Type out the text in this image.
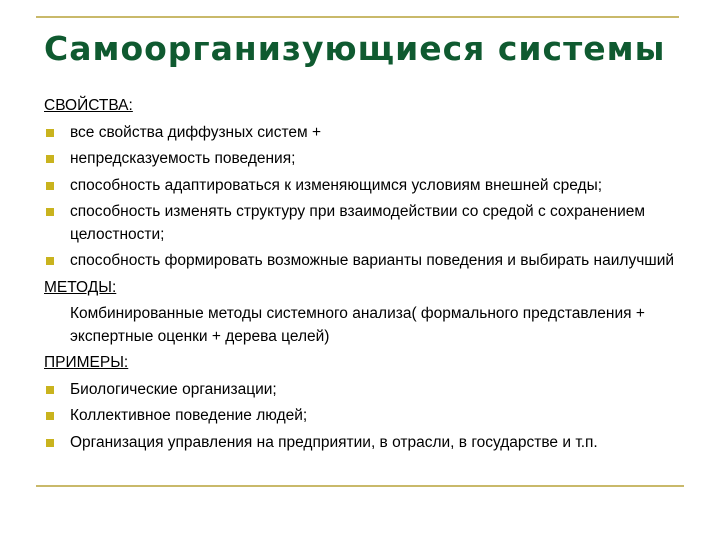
Самоорганизующиеся системы

СВОЙСТВА:

все свойства диффузных систем +
непредсказуемость поведения;
способность адаптироваться к изменяющимся условиям внешней среды;
способность изменять структуру при взаимодействии со средой с сохранением целостности;
способность формировать возможные варианты поведения и выбирать наилучший

МЕТОДЫ:

Комбинированные методы системного анализа( формального представления + экспертные оценки + дерева целей)

ПРИМЕРЫ:

Биологические организации;
Коллективное поведение людей;
Организация управления на предприятии, в отрасли, в государстве и т.п.
